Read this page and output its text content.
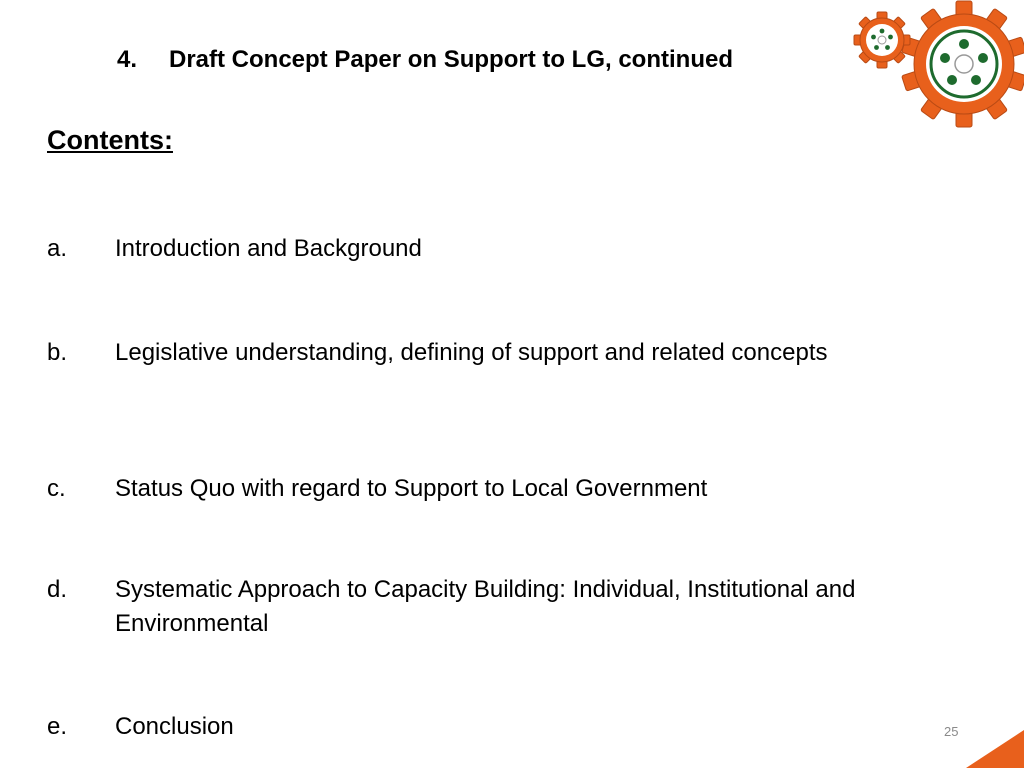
4. Draft Concept Paper on Support to LG, continued
Contents:
a. Introduction and Background
b. Legislative understanding, defining of support and related concepts
c. Status Quo with regard to Support to Local Government
d. Systematic Approach to Capacity Building: Individual, Institutional and Environmental
e. Conclusion	25
